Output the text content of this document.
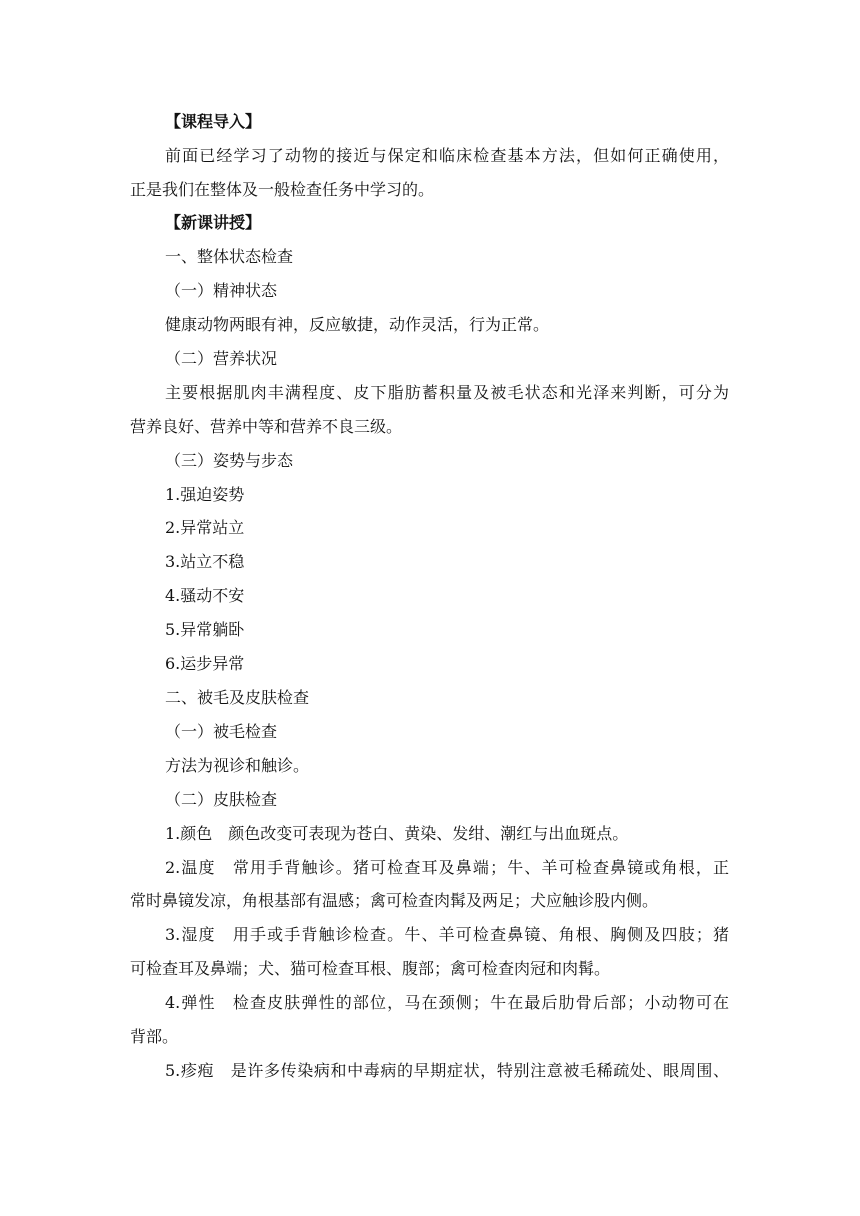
【课程导入】
前面已经学习了动物的接近与保定和临床检查基本方法，但如何正确使用，
正是我们在整体及一般检查任务中学习的。
【新课讲授】
一、整体状态检查
（一）精神状态
健康动物两眼有神，反应敏捷，动作灵活，行为正常。
（二）营养状况
主要根据肌肉丰满程度、皮下脂肪蓄积量及被毛状态和光泽来判断，可分为
营养良好、营养中等和营养不良三级。
（三）姿势与步态
1.强迫姿势
2.异常站立
3.站立不稳
4.骚动不安
5.异常躺卧
6.运步异常
二、被毛及皮肤检查
（一）被毛检查
方法为视诊和触诊。
（二）皮肤检查
1.颜色　颜色改变可表现为苍白、黄染、发绀、潮红与出血斑点。
2.温度　常用手背触诊。猪可检查耳及鼻端；牛、羊可检查鼻镜或角根，正
常时鼻镜发凉，角根基部有温感；禽可检查肉髯及两足；犬应触诊股内侧。
3.湿度　用手或手背触诊检查。牛、羊可检查鼻镜、角根、胸侧及四肢；猪
可检查耳及鼻端；犬、猫可检查耳根、腹部；禽可检查肉冠和肉髯。
4.弹性　检查皮肤弹性的部位，马在颈侧；牛在最后肋骨后部；小动物可在
背部。
5.疹疱　是许多传染病和中毒病的早期症状，特别注意被毛稀疏处、眼周围、
